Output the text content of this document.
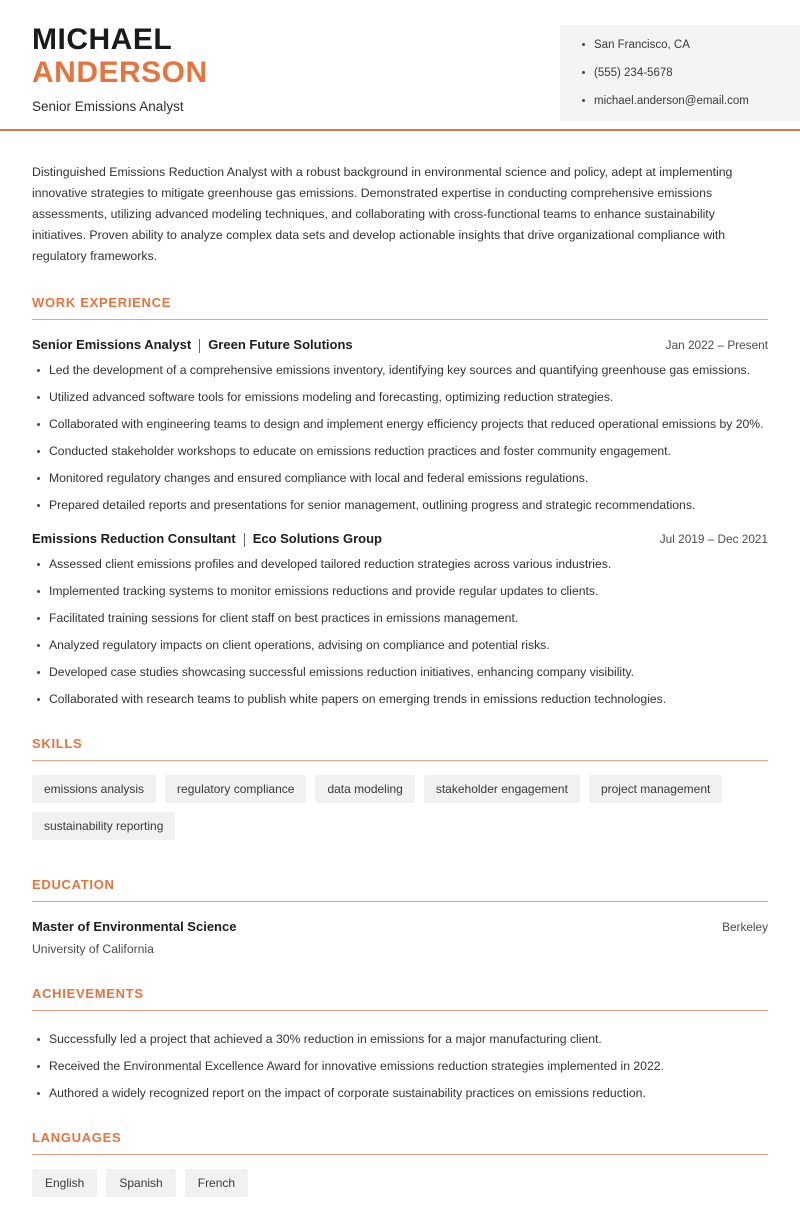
MICHAEL
ANDERSON
Senior Emissions Analyst
San Francisco, CA
(555) 234-5678
michael.anderson@email.com

Distinguished Emissions Reduction Analyst with a robust background in environmental science and policy, adept at implementing innovative strategies to mitigate greenhouse gas emissions. Demonstrated expertise in conducting comprehensive emissions assessments, utilizing advanced modeling techniques, and collaborating with cross-functional teams to enhance sustainability initiatives. Proven ability to analyze complex data sets and develop actionable insights that drive organizational compliance with regulatory frameworks.

WORK EXPERIENCE
Senior Emissions Analyst Green Future Solutions	Jan 2022 – Present
Led the development of a comprehensive emissions inventory, identifying key sources and quantifying greenhouse gas emissions.
Utilized advanced software tools for emissions modeling and forecasting, optimizing reduction strategies.
Collaborated with engineering teams to design and implement energy efficiency projects that reduced operational emissions by 20%.
Conducted stakeholder workshops to educate on emissions reduction practices and foster community engagement.
Monitored regulatory changes and ensured compliance with local and federal emissions regulations.
Prepared detailed reports and presentations for senior management, outlining progress and strategic recommendations.
Emissions Reduction Consultant Eco Solutions Group	Jul 2019 – Dec 2021
Assessed client emissions profiles and developed tailored reduction strategies across various industries.
Implemented tracking systems to monitor emissions reductions and provide regular updates to clients.
Facilitated training sessions for client staff on best practices in emissions management.
Analyzed regulatory impacts on client operations, advising on compliance and potential risks.
Developed case studies showcasing successful emissions reduction initiatives, enhancing company visibility.
Collaborated with research teams to publish white papers on emerging trends in emissions reduction technologies.
SKILLS
emissions analysis	regulatory compliance	data modeling	stakeholder engagement	project management
sustainability reporting
EDUCATION
Master of Environmental Science	Berkeley
University of California
ACHIEVEMENTS
Successfully led a project that achieved a 30% reduction in emissions for a major manufacturing client.
Received the Environmental Excellence Award for innovative emissions reduction strategies implemented in 2022.
Authored a widely recognized report on the impact of corporate sustainability practices on emissions reduction.
LANGUAGES
English	Spanish	French
